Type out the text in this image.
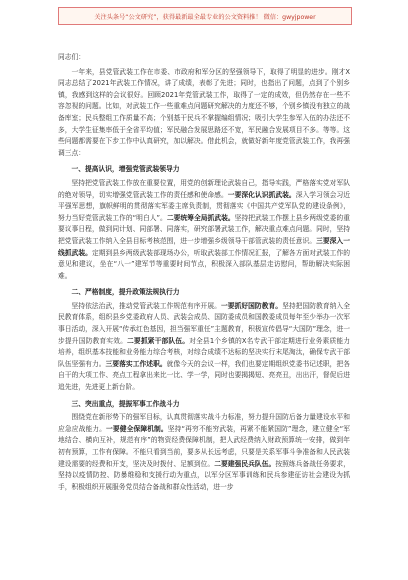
关注头条号“公文研究”，获得最新最全最专业的公文资料推！ 微信：gwyjpower

同志们：

一年来，县党管武装工作在市委、市政府和军分区的坚强领导下，取得了明显的进步。刚才X同志总结了2021年武装工作情况，讲了成绩，表彰了先进；同时，也指出了问题，点到了个别乡镇，我感到这样的会议很好。回顾2021年党管武装工作，取得了一定的成效，但仍然存在一些不容忽视的问题。比如，对武装工作一些重难点问题研究解决的力度还不够，个别乡镇没有独立的战备库室；民兵整组工作质量不高；个别基干民兵不掌握编组情况；吸引大学生参军入伍的办法还不多，大学生征集率低于全省平均值；军民融合发展思路还不宽，军民融合发展项目不多。等等。这些问题都需要在下步工作中认真研究，加以解决。借此机会，就做好新年度党管武装工作，我再强调三点：

一、提高认识，增强党管武装领导力

坚持把党管武装工作放在重要位置，用党的创新理论武装自己，指导实践，严格落实党对军队的绝对领导，切实增强党管武装工作的责任感和使命感。一要深化认识抓武装。深入学习领会习近平强军思想，旗帜鲜明的贯彻落实军委主席负责制，贯彻落实《中国共产党军队党的建设条例》，努力当好党管武装工作的“明白人”。二要统筹全局抓武装。坚持把武装工作摆上县乡两级党委的重要议事日程，做到同计划、同部署、同落实，研究部署武装工作，解决重点难点问题。同时，坚持把党管武装工作纳入全县目标考核范围，进一步增强乡级领导干部管武装的责任意识。三要深入一线抓武装。定期到县乡两级武装部现场办公，听取武装部工作情况汇报，了解各方面对武装工作的意见和建议，坐在“八一”建军节等重要时间节点，积极深入部队基层走访慰问，帮助解决实际困难。

二、严格制度，提升政策法规执行力

坚持依法治武，推动党管武装工作规范有序开展。一要抓好国防教育。坚持把国防教育纳入全民教育体系，组织县乡党委政府人员、武装会成员、国防委成员和国教委成员每年至少举办一次军事日活动，深入开展“传承红色基因，担当强军重任”主题教育，积极宣传倡导“大国防”理念，进一步提升国防教育实效。二要抓紧干部队伍。对全县1个乡镇的X名专武干部定期进行业务素质能力培养，组织基本技能和业务能力综合考核，对综合成绩不达标的坚决实行末尾淘汰，确保专武干部队伍坚强有力。三要落实工作述职。就像今天的会议一样，我们也要定期组织党委书记述职，把各自干的大项工作、亮点工程拿出来比一比、学一学，同时也要揭揭短、亮亮丑，出出汗，督促后进追先进，先进更上新台阶。

三、突出重点，提振军事工作战斗力

围绕党在新形势下的强军目标，认真贯彻落实战斗力标准，努力提升国防后备力量建设水平和应急应战能力。一要健全保障机制。坚持“再穷不能穷武装，再紧不能紧国防”理念，建立健全“军地结合、横向互补，规范有序”的物资经费保障机制，把人武经费纳入财政预算统一安排，做到年初有预算，工作有保障。不能只看到当前，要多从长远考虑，只要是关系军事斗争准备和人民武装建设需要的经费和开支，坚决及时拨付、足额到位。二要建强民兵队伍。按照练兵备战任务要求，坚持以疫情防控、防暴维稳和支援行动为重点，以军分区军事训练和民兵参建征访社会建设为抓手，积极组织开展服务党员结合备战和群众性活动，进一步
